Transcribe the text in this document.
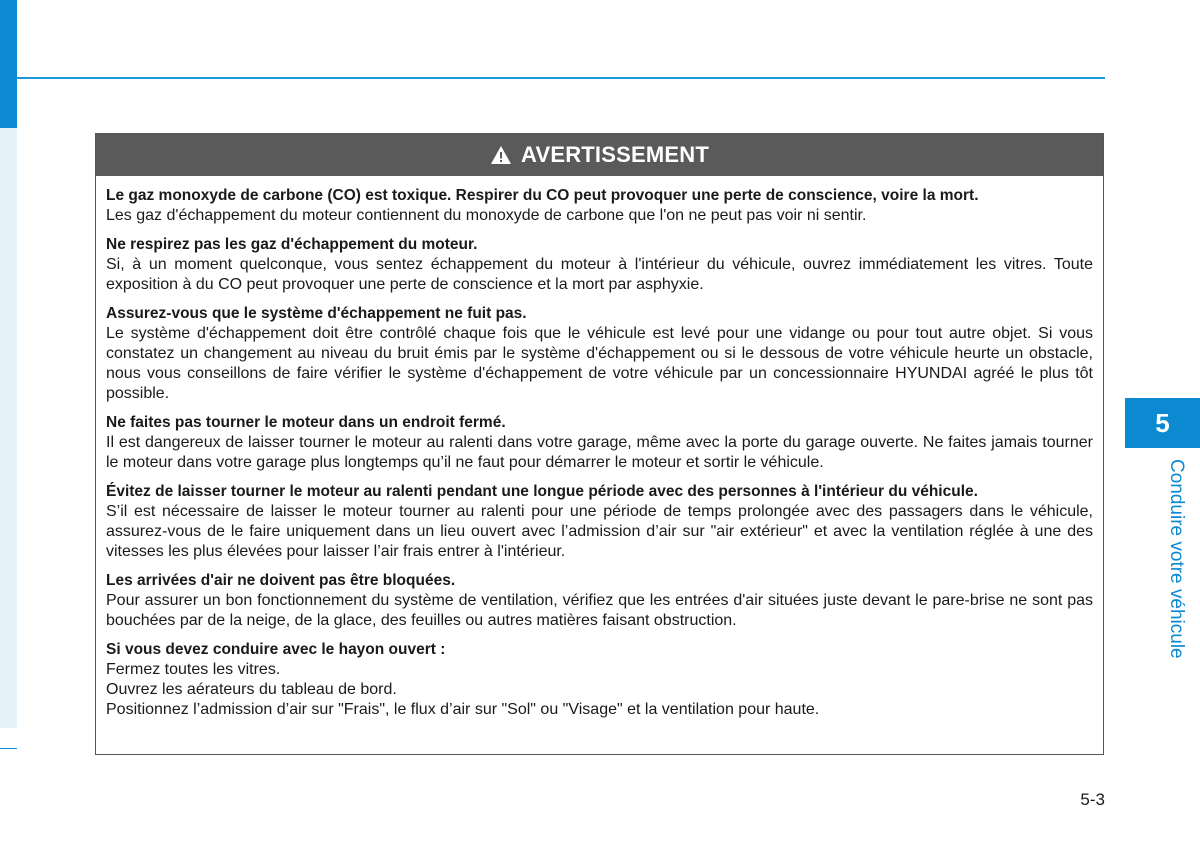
AVERTISSEMENT
Le gaz monoxyde de carbone (CO) est toxique. Respirer du CO peut provoquer une perte de conscience, voire la mort.

Les gaz d'échappement du moteur contiennent du monoxyde de carbone que l'on ne peut pas voir ni sentir.

Ne respirez pas les gaz d'échappement du moteur.

Si, à un moment quelconque, vous sentez échappement du moteur à l'intérieur du véhicule, ouvrez immédiatement les vitres. Toute exposition à du CO peut provoquer une perte de conscience et la mort par asphyxie.

Assurez-vous que le système d'échappement ne fuit pas.

Le système d'échappement doit être contrôlé chaque fois que le véhicule est levé pour une vidange ou pour tout autre objet. Si vous constatez un changement au niveau du bruit émis par le système d'échappement ou si le dessous de votre véhicule heurte un obstacle, nous vous conseillons de faire vérifier le système d'échappement de votre véhicule par un concessionnaire HYUNDAI agréé le plus tôt possible.

Ne faites pas tourner le moteur dans un endroit fermé.

Il est dangereux de laisser tourner le moteur au ralenti dans votre garage, même avec la porte du garage ouverte. Ne faites jamais tourner le moteur dans votre garage plus longtemps qu’il ne faut pour démarrer le moteur et sortir le véhicule.

Évitez de laisser tourner le moteur au ralenti pendant une longue période avec des personnes à l'intérieur du véhicule.

S’il est nécessaire de laisser le moteur tourner au ralenti pour une période de temps prolongée avec des passagers dans le véhicule, assurez-vous de le faire uniquement dans un lieu ouvert avec l’admission d’air sur "air extérieur" et avec la ventilation réglée à une des vitesses les plus élevées pour laisser l’air frais entrer à l'intérieur.

Les arrivées d'air ne doivent pas être bloquées.

Pour assurer un bon fonctionnement du système de ventilation, vérifiez que les entrées d'air situées juste devant le pare-brise ne sont pas bouchées par de la neige, de la glace, des feuilles ou autres matières faisant obstruction.

Si vous devez conduire avec le hayon ouvert :

Fermez toutes les vitres.

Ouvrez les aérateurs du tableau de bord.

Positionnez l’admission d’air sur "Frais", le flux d’air sur "Sol" ou "Visage" et la ventilation pour haute.

5
Conduire votre véhicule
5-3
